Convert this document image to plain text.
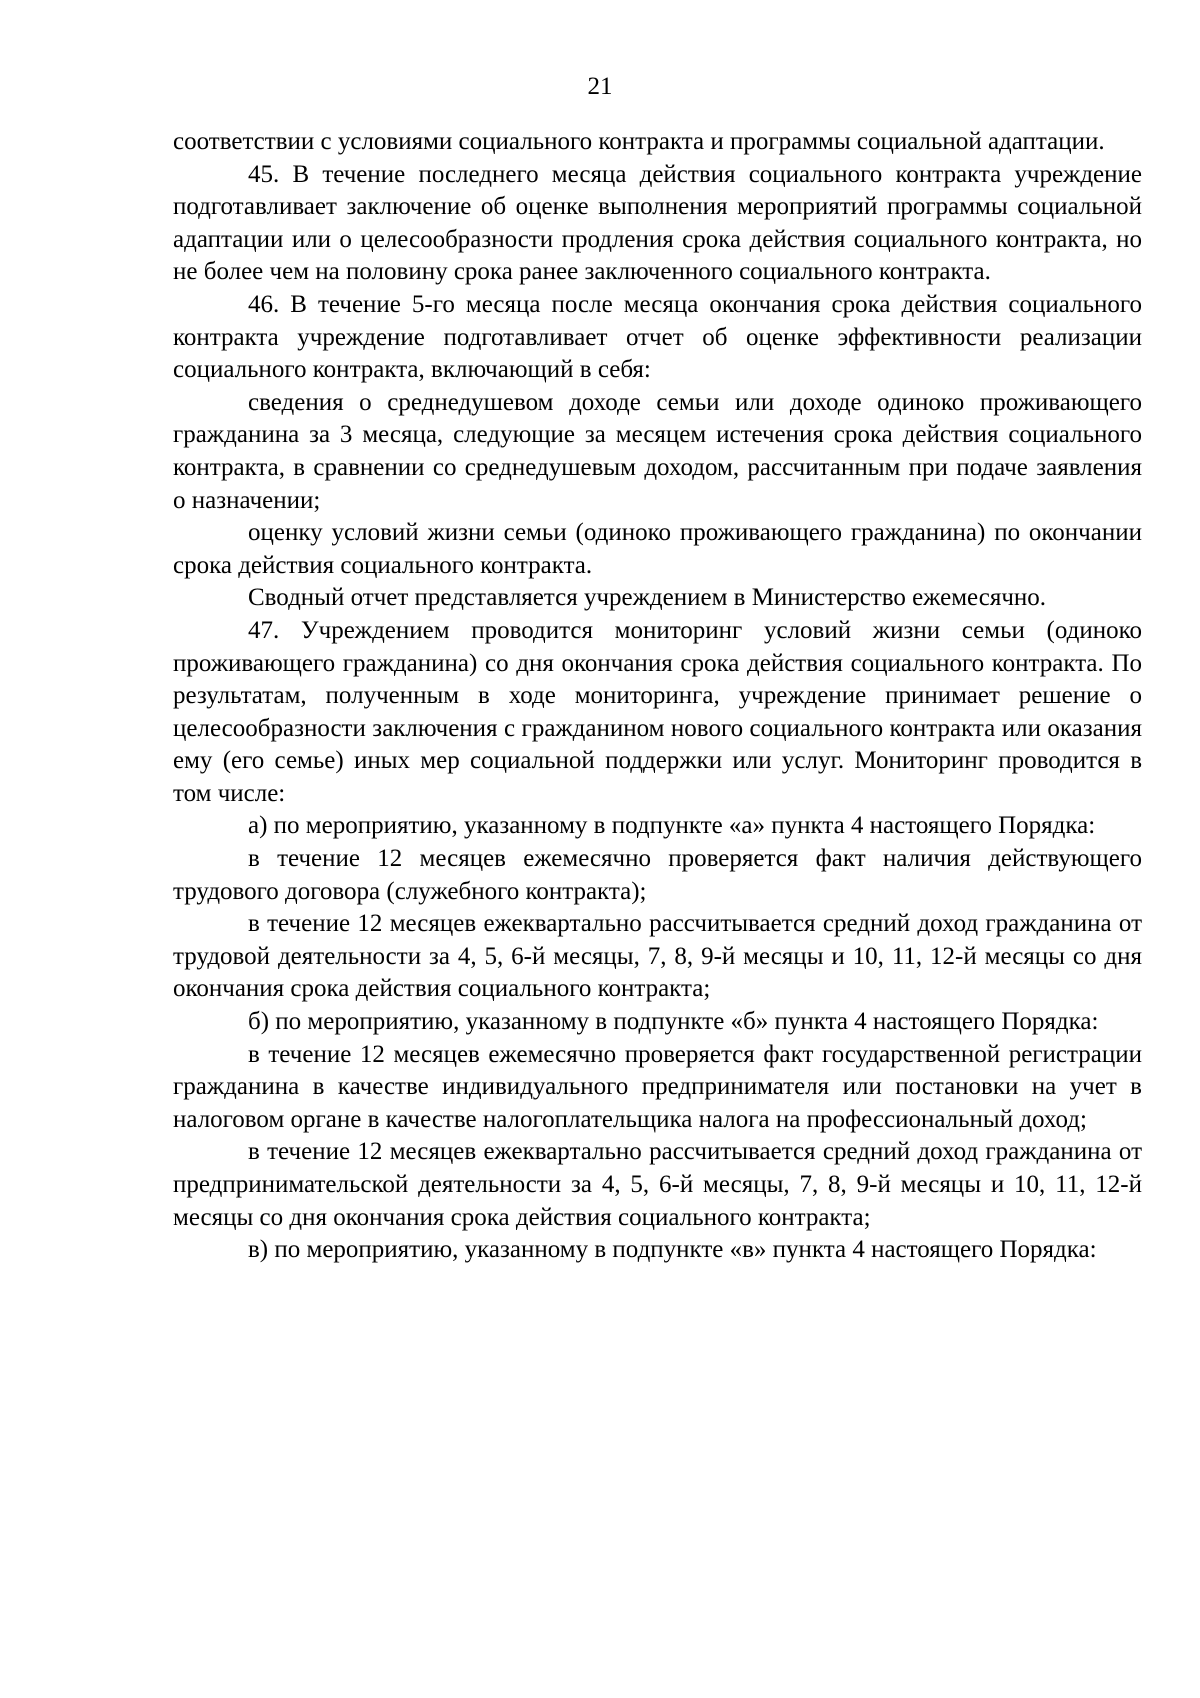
21

соответствии с условиями социального контракта и программы социальной адаптации.

45. В течение последнего месяца действия социального контракта учреждение подготавливает заключение об оценке выполнения мероприятий программы социальной адаптации или о целесообразности продления срока действия социального контракта, но не более чем на половину срока ранее заключенного социального контракта.

46. В течение 5-го месяца после месяца окончания срока действия социального контракта учреждение подготавливает отчет об оценке эффективности реализации социального контракта, включающий в себя:

сведения о среднедушевом доходе семьи или доходе одиноко проживающего гражданина за 3 месяца, следующие за месяцем истечения срока действия социального контракта, в сравнении со среднедушевым доходом, рассчитанным при подаче заявления о назначении;

оценку условий жизни семьи (одиноко проживающего гражданина) по окончании срока действия социального контракта.

Сводный отчет представляется учреждением в Министерство ежемесячно.

47. Учреждением проводится мониторинг условий жизни семьи (одиноко проживающего гражданина) со дня окончания срока действия социального контракта. По результатам, полученным в ходе мониторинга, учреждение принимает решение о целесообразности заключения с гражданином нового социального контракта или оказания ему (его семье) иных мер социальной поддержки или услуг. Мониторинг проводится в том числе:

а) по мероприятию, указанному в подпункте «а» пункта 4 настоящего Порядка:

в течение 12 месяцев ежемесячно проверяется факт наличия действующего трудового договора (служебного контракта);

в течение 12 месяцев ежеквартально рассчитывается средний доход гражданина от трудовой деятельности за 4, 5, 6-й месяцы, 7, 8, 9-й месяцы и 10, 11, 12-й месяцы со дня окончания срока действия социального контракта;

б) по мероприятию, указанному в подпункте «б» пункта 4 настоящего Порядка:

в течение 12 месяцев ежемесячно проверяется факт государственной регистрации гражданина в качестве индивидуального предпринимателя или постановки на учет в налоговом органе в качестве налогоплательщика налога на профессиональный доход;

в течение 12 месяцев ежеквартально рассчитывается средний доход гражданина от предпринимательской деятельности за 4, 5, 6-й месяцы, 7, 8, 9-й месяцы и 10, 11, 12-й месяцы со дня окончания срока действия социального контракта;

в) по мероприятию, указанному в подпункте «в» пункта 4 настоящего Порядка:
